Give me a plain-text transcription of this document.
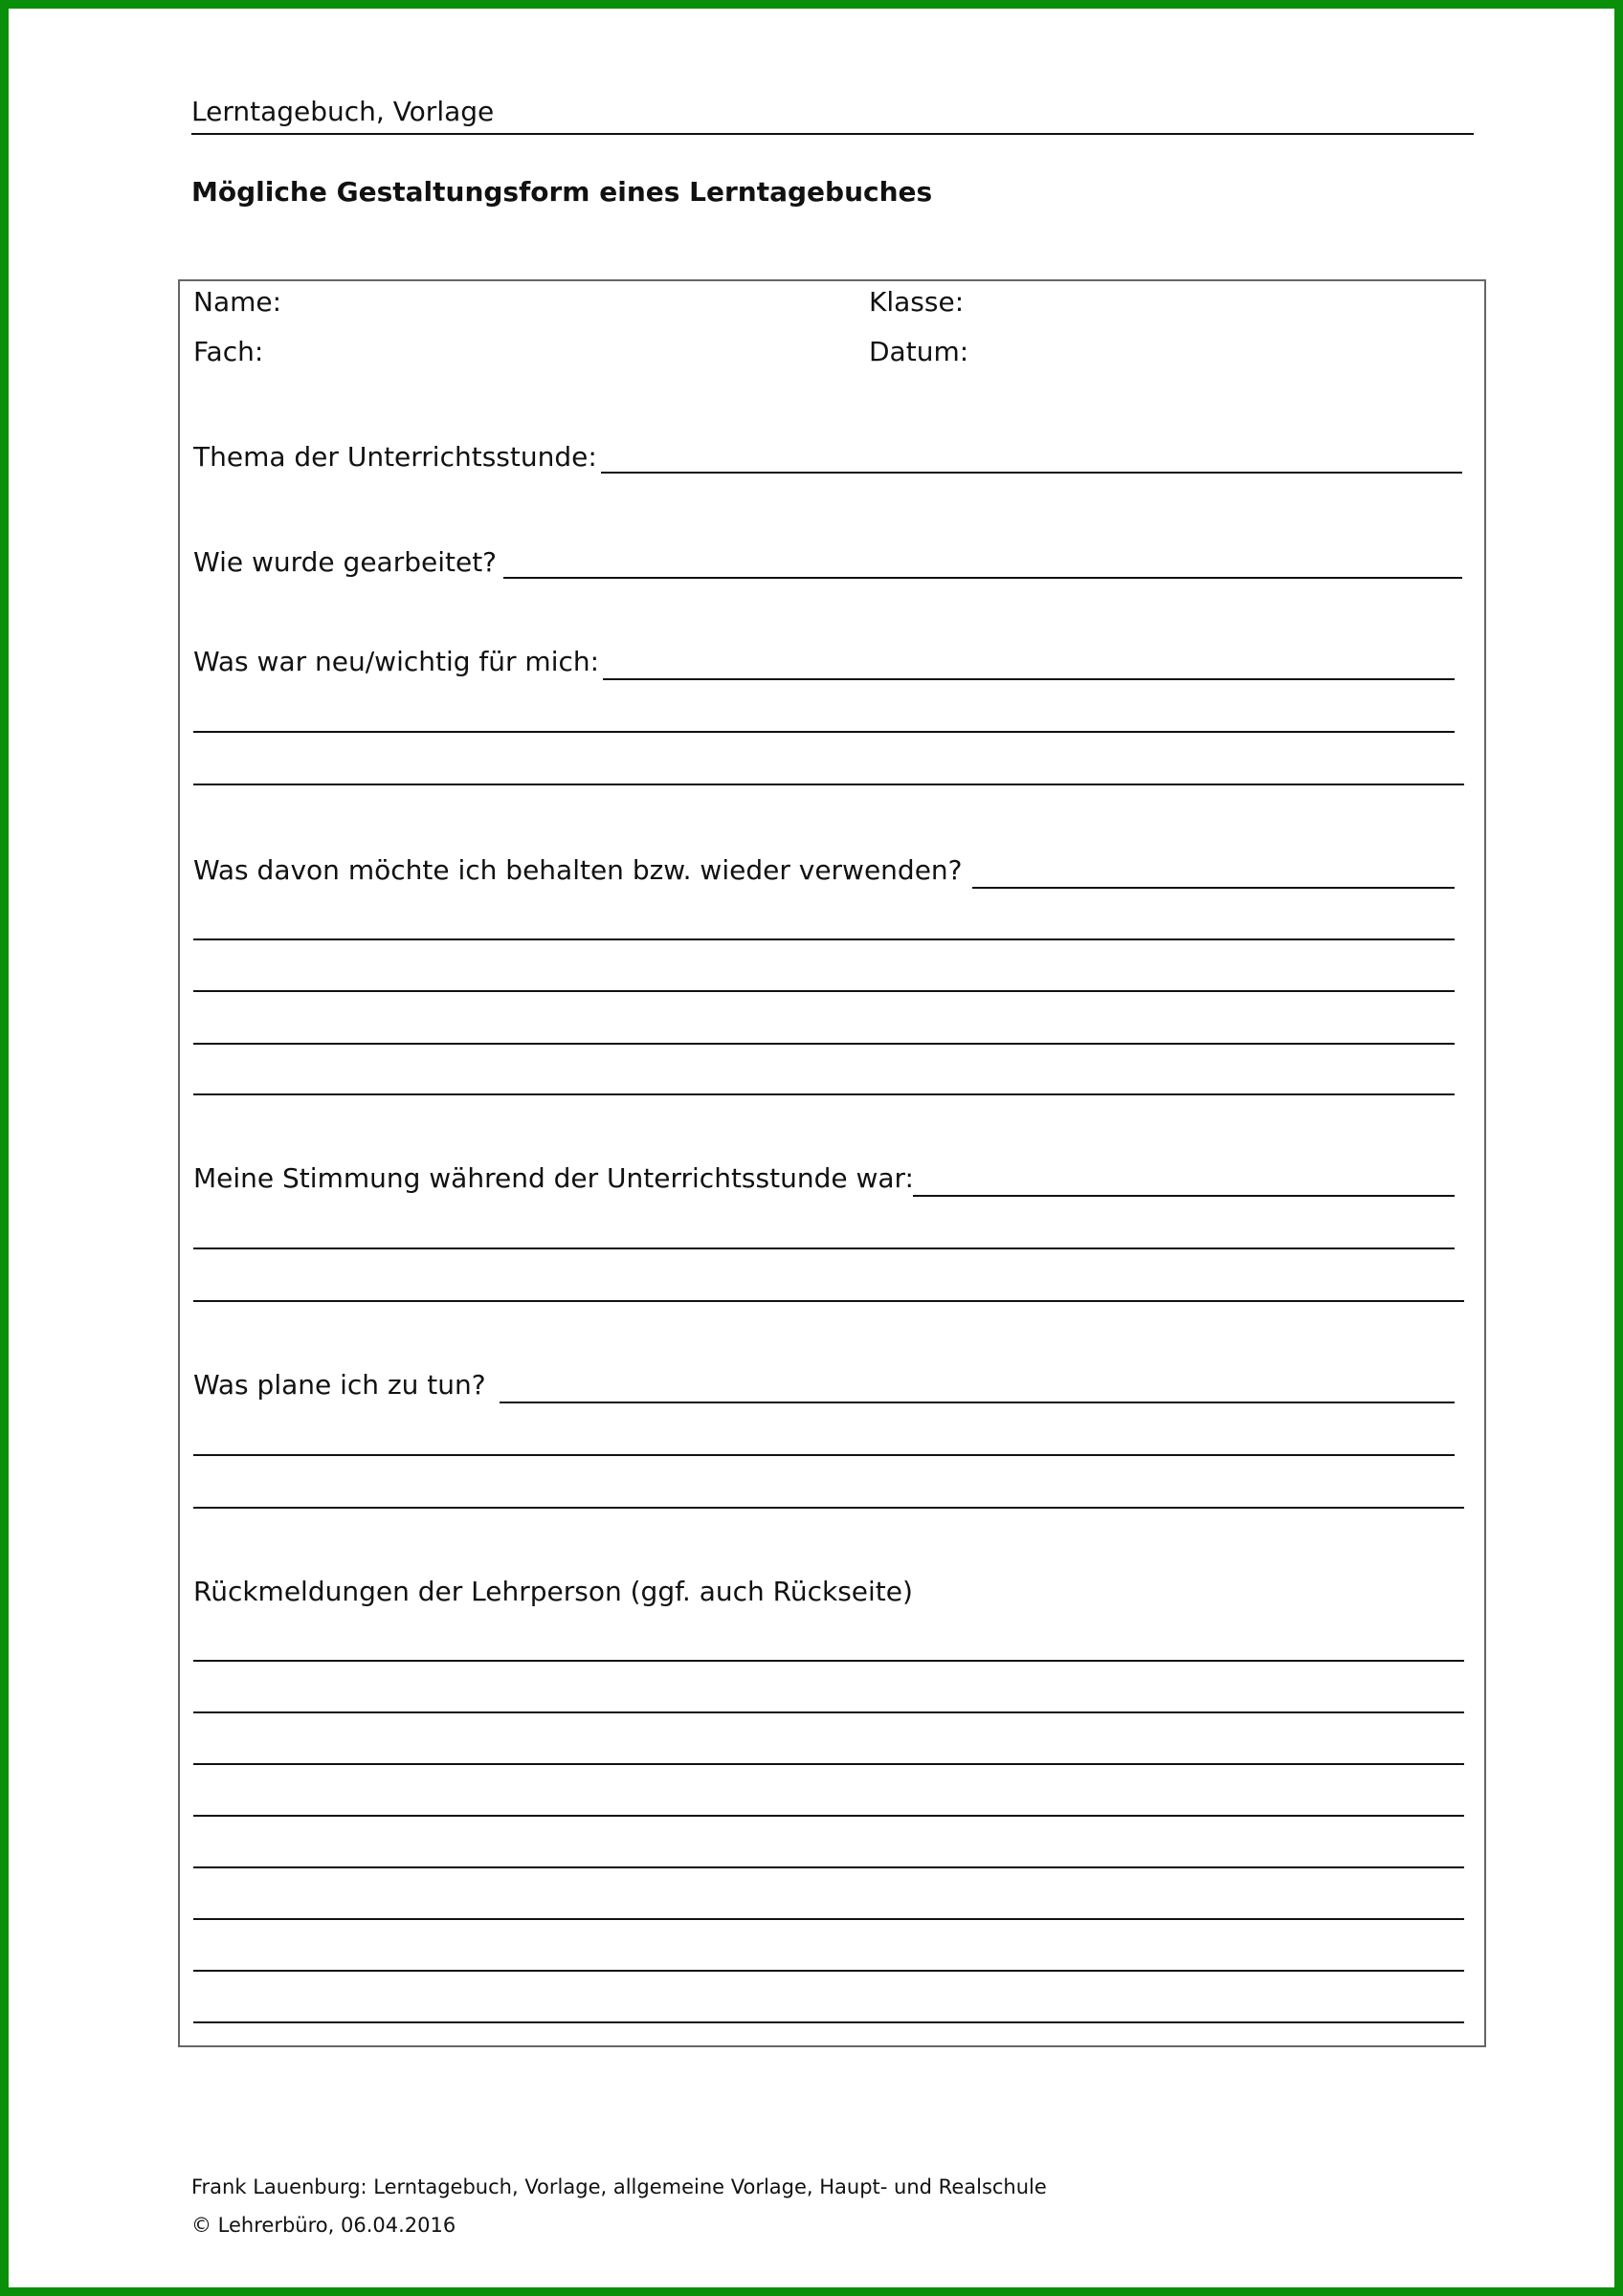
Lerntagebuch, Vorlage
Mögliche Gestaltungsform eines Lerntagebuches
Name:	Klasse:
Fach:	Datum:
Thema der Unterrichtsstunde:
Wie wurde gearbeitet?
Was war neu/wichtig für mich:
Was davon möchte ich behalten bzw. wieder verwenden?
Meine Stimmung während der Unterrichtsstunde war:
Was plane ich zu tun?
Rückmeldungen der Lehrperson (ggf. auch Rückseite)
Frank Lauenburg: Lerntagebuch, Vorlage, allgemeine Vorlage, Haupt- und Realschule
© Lehrerbüro, 06.04.2016
